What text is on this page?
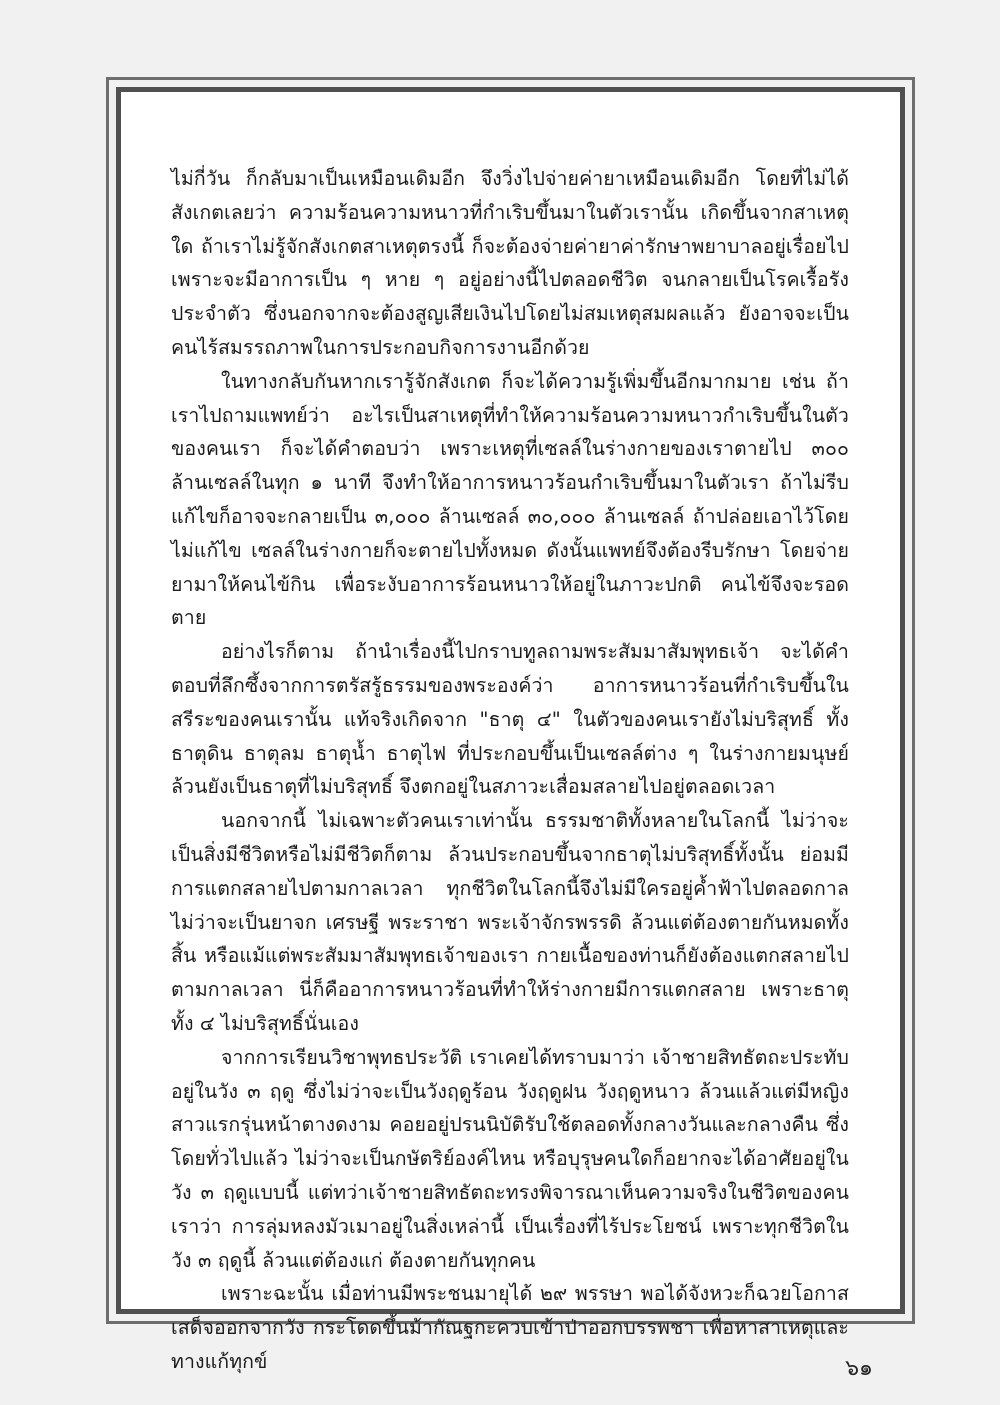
ไม่กี่วัน ก็กลับมาเป็นเหมือนเดิมอีก จึงวิ่งไปจ่ายค่ายาเหมือนเดิมอีก โดยที่ไม่ได้สังเกตเลยว่า ความร้อนความหนาวที่กำเริบขึ้นมาในตัวเรานั้น เกิดขึ้นจากสาเหตุใด ถ้าเราไม่รู้จักสังเกตสาเหตุตรงนี้ ก็จะต้องจ่ายค่ายาค่ารักษาพยาบาลอยู่เรื่อยไป เพราะจะมีอาการเป็น ๆ หาย ๆ อยู่อย่างนี้ไปตลอดชีวิต จนกลายเป็นโรคเรื้อรังประจำตัว ซึ่งนอกจากจะต้องสูญเสียเงินไปโดยไม่สมเหตุสมผลแล้ว ยังอาจจะเป็นคนไร้สมรรถภาพในการประกอบกิจการงานอีกด้วย

ในทางกลับกันหากเรารู้จักสังเกต ก็จะได้ความรู้เพิ่มขึ้นอีกมากมาย เช่น ถ้าเราไปถามแพทย์ว่า อะไรเป็นสาเหตุที่ทำให้ความร้อนความหนาวกำเริบขึ้นในตัวของคนเรา ก็จะได้คำตอบว่า เพราะเหตุที่เซลล์ในร่างกายของเราตายไป ๓๐๐ ล้านเซลล์ในทุก ๑ นาที จึงทำให้อาการหนาวร้อนกำเริบขึ้นมาในตัวเรา ถ้าไม่รีบแก้ไขก็อาจจะกลายเป็น ๓,๐๐๐ ล้านเซลล์ ๓๐,๐๐๐ ล้านเซลล์ ถ้าปล่อยเอาไว้โดยไม่แก้ไข เซลล์ในร่างกายก็จะตายไปทั้งหมด ดังนั้นแพทย์จึงต้องรีบรักษา โดยจ่ายยามาให้คนไข้กิน เพื่อระงับอาการร้อนหนาวให้อยู่ในภาวะปกติ คนไข้จึงจะรอดตาย

อย่างไรก็ตาม ถ้านำเรื่องนี้ไปกราบทูลถามพระสัมมาสัมพุทธเจ้า จะได้คำตอบที่ลึกซึ้งจากการตรัสรู้ธรรมของพระองค์ว่า อาการหนาวร้อนที่กำเริบขึ้นในสรีระของคนเรานั้น แท้จริงเกิดจาก "ธาตุ ๔" ในตัวของคนเรายังไม่บริสุทธิ์ ทั้งธาตุดิน ธาตุลม ธาตุน้ำ ธาตุไฟ ที่ประกอบขึ้นเป็นเซลล์ต่าง ๆ ในร่างกายมนุษย์ ล้วนยังเป็นธาตุที่ไม่บริสุทธิ์ จึงตกอยู่ในสภาวะเสื่อมสลายไปอยู่ตลอดเวลา

นอกจากนี้ ไม่เฉพาะตัวคนเราเท่านั้น ธรรมชาติทั้งหลายในโลกนี้ ไม่ว่าจะเป็นสิ่งมีชีวิตหรือไม่มีชีวิตก็ตาม ล้วนประกอบขึ้นจากธาตุไม่บริสุทธิ์ทั้งนั้น ย่อมมีการแตกสลายไปตามกาลเวลา ทุกชีวิตในโลกนี้จึงไม่มีใครอยู่ค้ำฟ้าไปตลอดกาล ไม่ว่าจะเป็นยาจก เศรษฐี พระราชา พระเจ้าจักรพรรดิ ล้วนแต่ต้องตายกันหมดทั้งสิ้น หรือแม้แต่พระสัมมาสัมพุทธเจ้าของเรา กายเนื้อของท่านก็ยังต้องแตกสลายไปตามกาลเวลา นี่ก็คืออาการหนาวร้อนที่ทำให้ร่างกายมีการแตกสลาย เพราะธาตุทั้ง ๔ ไม่บริสุทธิ์นั่นเอง

จากการเรียนวิชาพุทธประวัติ เราเคยได้ทราบมาว่า เจ้าชายสิทธัตถะประทับอยู่ในวัง ๓ ฤดู ซึ่งไม่ว่าจะเป็นวังฤดูร้อน วังฤดูฝน วังฤดูหนาว ล้วนแล้วแต่มีหญิงสาวแรกรุ่นหน้าตางดงาม คอยอยู่ปรนนิบัติรับใช้ตลอดทั้งกลางวันและกลางคืน ซึ่งโดยทั่วไปแล้ว ไม่ว่าจะเป็นกษัตริย์องค์ไหน หรือบุรุษคนใดก็อยากจะได้อาศัยอยู่ในวัง ๓ ฤดูแบบนี้ แต่ทว่าเจ้าชายสิทธัตถะทรงพิจารณาเห็นความจริงในชีวิตของคนเราว่า การลุ่มหลงมัวเมาอยู่ในสิ่งเหล่านี้ เป็นเรื่องที่ไร้ประโยชน์ เพราะทุกชีวิตในวัง ๓ ฤดูนี้ ล้วนแต่ต้องแก่ ต้องตายกันทุกคน

เพราะฉะนั้น เมื่อท่านมีพระชนมายุได้ ๒๙ พรรษา พอได้จังหวะก็ฉวยโอกาสเสด็จออกจากวัง กระโดดขึ้นม้ากัณฐกะควบเข้าป่าออกบรรพชา เพื่อหาสาเหตุและทางแก้ทุกข์	๖๑
